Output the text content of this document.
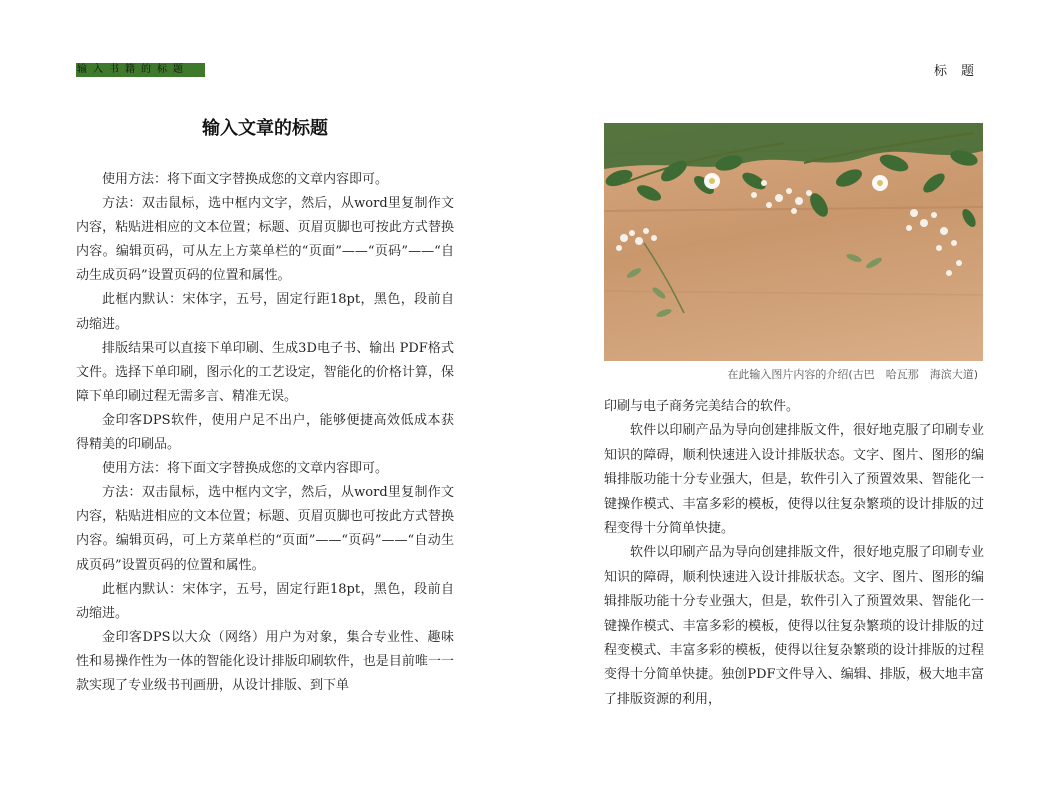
输入书籍的标题	标题
输入文章的标题

使用方法：将下面文字替换成您的文章内容即可。

方法：双击鼠标，选中框内文字，然后，从word里复制作文内容，粘贴进相应的文本位置；标题、页眉页脚也可按此方式替换内容。编辑页码，可从左上方菜单栏的“页面”——“页码”——“自动生成页码”设置页码的位置和属性。

此框内默认：宋体字，五号，固定行距18pt，黑色，段前自动缩进。

排版结果可以直接下单印刷、生成3D电子书、输出 PDF格式文件。选择下单印刷，图示化的工艺设定，智能化的价格计算，保障下单印刷过程无需多言、精准无误。

金印客DPS软件，使用户足不出户，能够便捷高效低成本获得精美的印刷品。

使用方法：将下面文字替换成您的文章内容即可。

方法：双击鼠标，选中框内文字，然后，从word里复制作文内容，粘贴进相应的文本位置；标题、页眉页脚也可按此方式替换内容。编辑页码，可上方菜单栏的“页面”——“页码”——“自动生成页码”设置页码的位置和属性。

此框内默认：宋体字，五号，固定行距18pt，黑色，段前自动缩进。

金印客DPS以大众（网络）用户为对象，集合专业性、趣味性和易操作性为一体的智能化设计排版印刷软件，也是目前唯一一款实现了专业级书刊画册，从设计排版、到下单

在此输入图片内容的介绍(古巴　哈瓦那　海滨大道)

印刷与电子商务完美结合的软件。

软件以印刷产品为导向创建排版文件，很好地克服了印刷专业知识的障碍，顺利快速进入设计排版状态。文字、图片、图形的编辑排版功能十分专业强大，但是，软件引入了预置效果、智能化一键操作模式、丰富多彩的模板，使得以往复杂繁琐的设计排版的过程变得十分简单快捷。

软件以印刷产品为导向创建排版文件，很好地克服了印刷专业知识的障碍，顺利快速进入设计排版状态。文字、图片、图形的编辑排版功能十分专业强大，但是，软件引入了预置效果、智能化一键操作模式、丰富多彩的模板，使得以往复杂繁琐的设计排版的过程变模式、丰富多彩的模板，使得以往复杂繁琐的设计排版的过程变得十分简单快捷。独创PDF文件导入、编辑、排版，极大地丰富了排版资源的利用，
